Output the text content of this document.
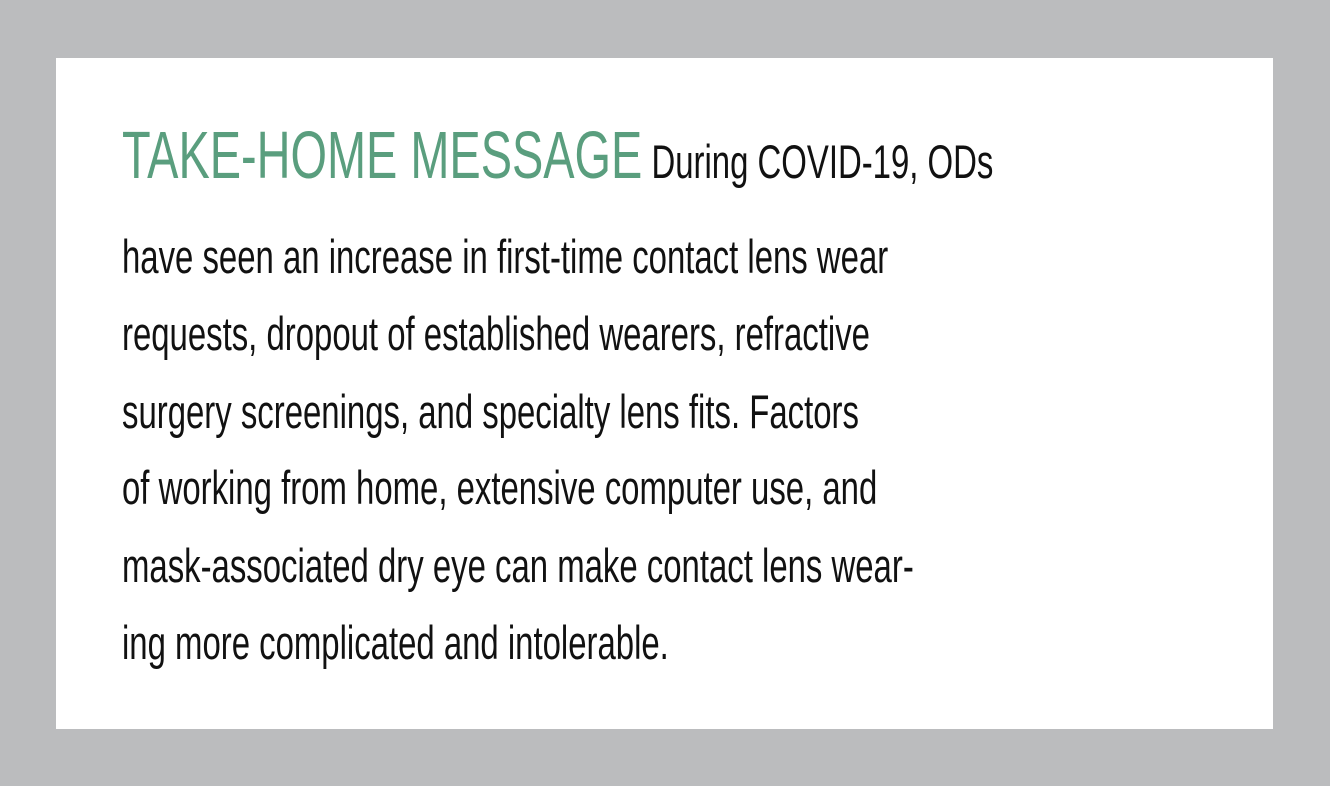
TAKE-HOME MESSAGE During COVID-19, ODs
have seen an increase in first-time contact lens wear
requests, dropout of established wearers, refractive
surgery screenings, and specialty lens fits. Factors
of working from home, extensive computer use, and
mask-associated dry eye can make contact lens wear-
ing more complicated and intolerable.
